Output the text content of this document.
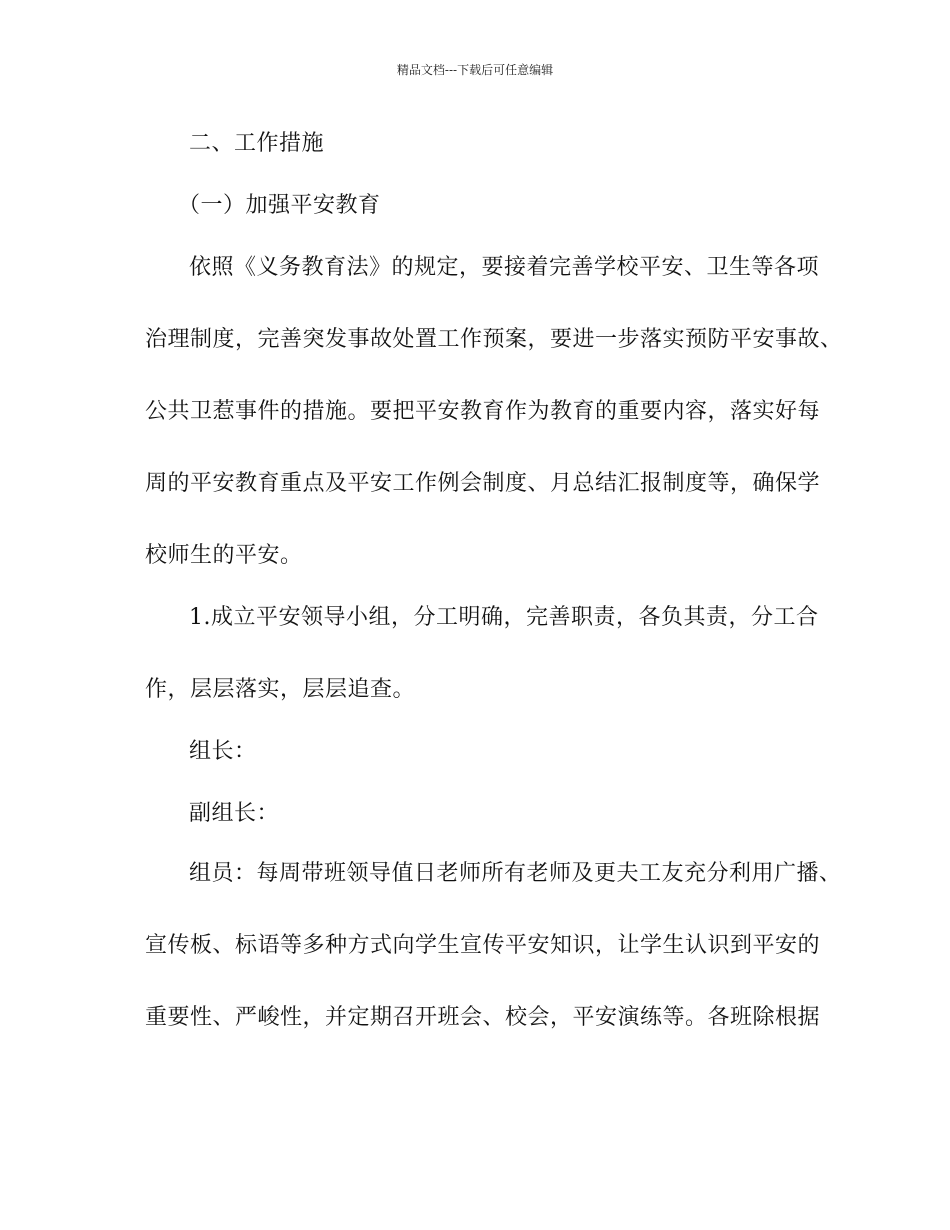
精品文档---下载后可任意编辑
二、工作措施
（一）加强平安教育
依照《义务教育法》的规定，要接着完善学校平安、卫生等各项
治理制度，完善突发事故处置工作预案，要进一步落实预防平安事故、
公共卫惹事件的措施。要把平安教育作为教育的重要内容，落实好每
周的平安教育重点及平安工作例会制度、月总结汇报制度等，确保学
校师生的平安。
1.成立平安领导小组，分工明确，完善职责，各负其责，分工合
作，层层落实，层层追查。
组长：
副组长：
组员：每周带班领导值日老师所有老师及更夫工友充分利用广播、
宣传板、标语等多种方式向学生宣传平安知识，让学生认识到平安的
重要性、严峻性，并定期召开班会、校会，平安演练等。各班除根据
